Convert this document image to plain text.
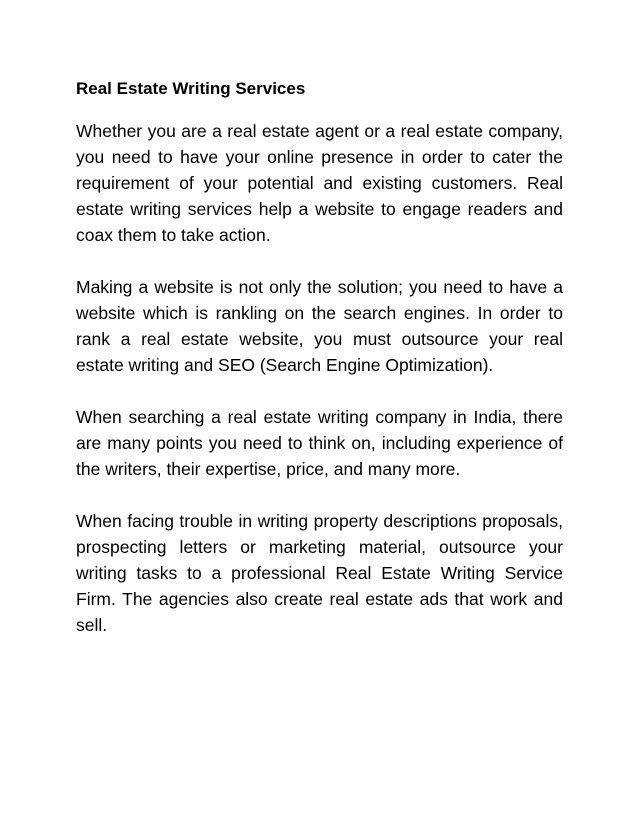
Real Estate Writing Services

Whether you are a real estate agent or a real estate company, you need to have your online presence in order to cater the requirement of your potential and existing customers. Real estate writing services help a website to engage readers and coax them to take action.

Making a website is not only the solution; you need to have a website which is rankling on the search engines. In order to rank a real estate website, you must outsource your real estate writing and SEO (Search Engine Optimization).

When searching a real estate writing company in India, there are many points you need to think on, including experience of the writers, their expertise, price, and many more.

When facing trouble in writing property descriptions proposals, prospecting letters or marketing material, outsource your writing tasks to a professional Real Estate Writing Service Firm. The agencies also create real estate ads that work and sell.
